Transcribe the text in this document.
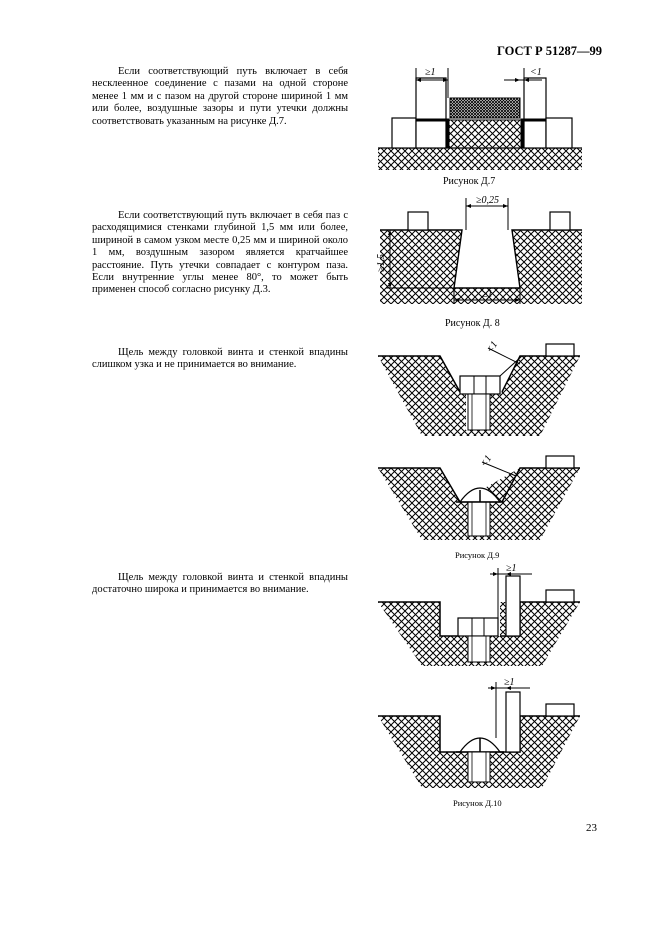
ГОСТ Р 51287—99

Если соответствующий путь включает в себя несклеенное соединение с пазами на одной стороне менее 1 мм и с пазом на другой стороне шириной 1 мм или более, воздушные зазоры и пути утечки должны соответствовать указанным на рисунке Д.7.

Если соответствующий путь включает в себя паз с расходящимися стенками глубиной 1,5 мм или более, шириной в самом узком месте 0,25 мм и шириной около 1 мм, воздушным зазором является кратчайшее расстояние. Путь утечки совпадает с контуром паза. Если внутренние углы менее 80°, то может быть применен способ согласно рисунку Д.3.

Щель между головкой винта и стенкой впадины слишком узка и не принимается во внимание.

Щель между головкой винта и стенкой впадины достаточно широка и принимается во внимание.

≥1	<1
Рисунок Д.7
≥0,25
≥1,5
≥1
Рисунок Д. 8
<1
<1
Рисунок Д.9
≥1
≥1
Рисунок Д.10
23
